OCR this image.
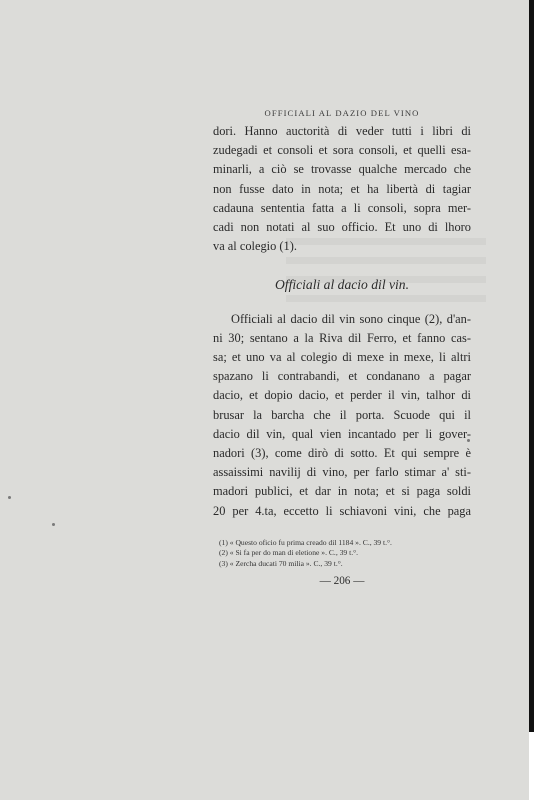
OFFICIALI AL DAZIO DEL VINO
dori. Hanno auctorità di veder tutti i libri di
zudegadi et consoli et sora consoli, et quelli esa-
minarli, a ciò se trovasse qualche mercado che
non fusse dato in nota; et ha libertà di tagiar
cadauna sententia fatta a li consoli, sopra mer-
cadi non notati al suo officio. Et uno di lhoro
va al colegio (1).
Officiali al dacio dil vin.
Officiali al dacio dil vin sono cinque (2), d'an-
ni 30; sentano a la Riva dil Ferro, et fanno cas-
sa; et uno va al colegio di mexe in mexe, li altri
spazano li contrabandi, et condanano a pagar
dacio, et dopio dacio, et perder il vin, talhor di
brusar la barcha che il porta. Scuode qui il
dacio dil vin, qual vien incantado per li gover-
nadori (3), come dirò di sotto. Et qui sempre è
assaissimi navilij di vino, per farlo stimar a' sti-
madori publici, et dar in nota; et si paga soldi
20 per 4.ta, eccetto li schiavoni vini, che paga
(1) « Questo oficio fu prima creado dil 1184 ». C., 39 t.°.
(2) « Si fa per do man di eletione ». C., 39 t.°.
(3) « Zercha ducati 70 milia ». C., 39 t.°.
— 206 —
